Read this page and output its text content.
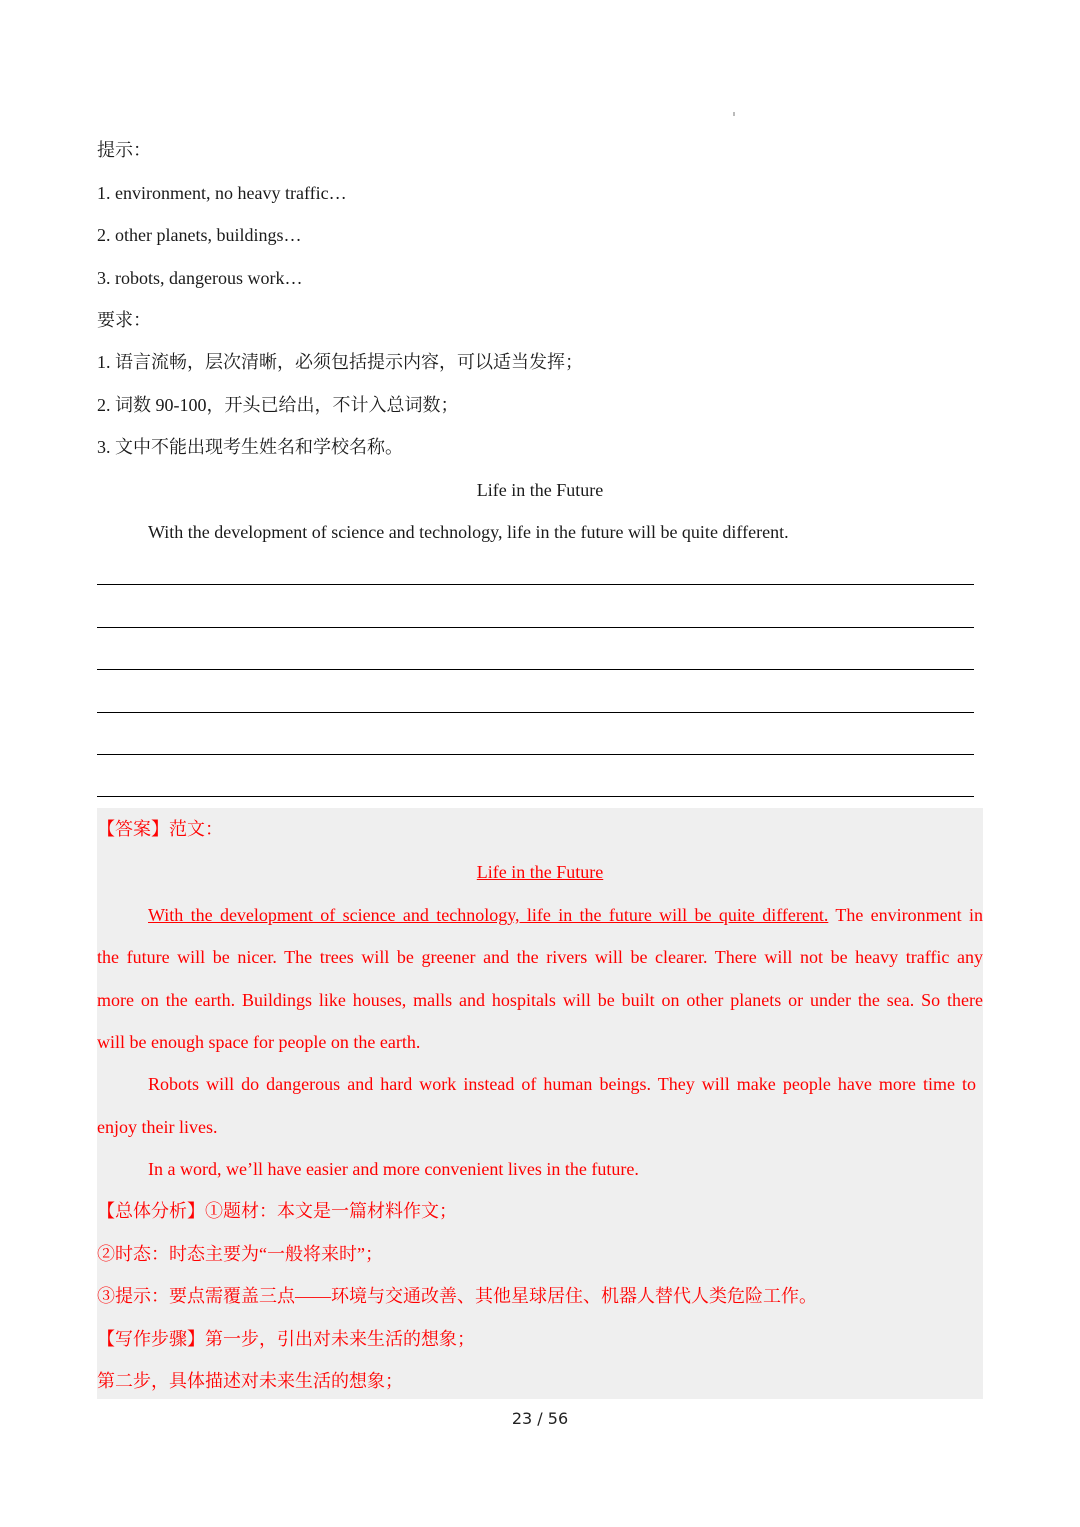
提示：
1. environment, no heavy traffic…
2. other planets, buildings…
3. robots, dangerous work…
要求：
1. 语言流畅，层次清晰，必须包括提示内容，可以适当发挥；
2. 词数 90-100，开头已给出，不计入总词数；
3. 文中不能出现考生姓名和学校名称。
Life in the Future
With the development of science and technology, life in the future will be quite different.
【答案】范文：
Life in the Future
With the development of science and technology, life in the future will be quite different. The environment in
the future will be nicer. The trees will be greener and the rivers will be clearer. There will not be heavy traffic any
more on the earth. Buildings like houses, malls and hospitals will be built on other planets or under the sea. So there
will be enough space for people on the earth.
Robots will do dangerous and hard work instead of human beings. They will make people have more time to
enjoy their lives.
In a word, we’ll have easier and more convenient lives in the future.
【总体分析】①题材：本文是一篇材料作文；
②时态：时态主要为“一般将来时”；
③提示：要点需覆盖三点——环境与交通改善、其他星球居住、机器人替代人类危险工作。
【写作步骤】第一步，引出对未来生活的想象；
第二步，具体描述对未来生活的想象；
23 / 56
